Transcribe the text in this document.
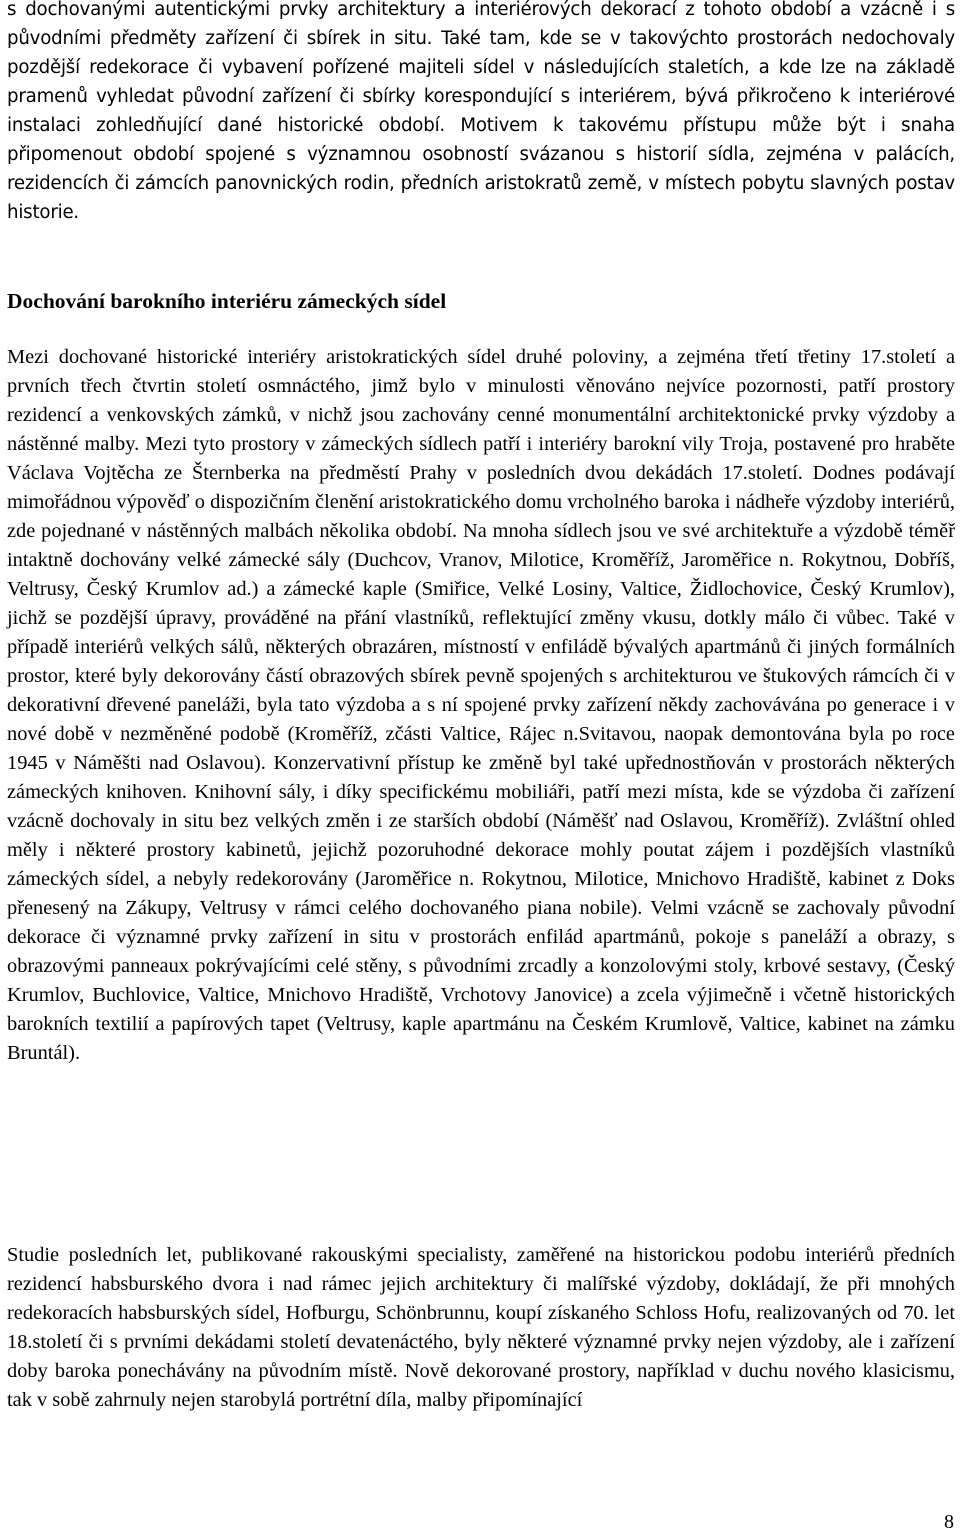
s dochovanými autentickými prvky architektury a interiérových dekorací z tohoto období a vzácně i s původními předměty zařízení či sbírek in situ. Také tam, kde se v takovýchto prostorách nedochovaly pozdější redekorace či vybavení pořízené majiteli sídel v následujících staletích, a kde lze na základě pramenů vyhledat původní zařízení či sbírky korespondující s interiérem, bývá přikročeno k interiérové instalaci zohledňující dané historické období. Motivem k takovému přístupu může být i snaha připomenout období spojené s významnou osobností svázanou s historií sídla, zejména v palácích, rezidencích či zámcích panovnických rodin, předních aristokratů země, v místech pobytu slavných postav historie.

Dochování barokního interiéru zámeckých sídel

Mezi dochované historické interiéry aristokratických sídel druhé poloviny, a zejména třetí třetiny 17.století a prvních třech čtvrtin století osmnáctého, jimž bylo v minulosti věnováno nejvíce pozornosti, patří prostory rezidencí a venkovských zámků, v nichž jsou zachovány cenné monumentální architektonické prvky výzdoby a nástěnné malby. Mezi tyto prostory v zámeckých sídlech patří i interiéry barokní vily Troja, postavené pro hraběte Václava Vojtěcha ze Šternberka na předměstí Prahy v posledních dvou dekádách 17.století. Dodnes podávají mimořádnou výpověď o dispozičním členění aristokratického domu vrcholného baroka i nádheře výzdoby interiérů, zde pojednané v nástěnných malbách několika období. Na mnoha sídlech jsou ve své architektuře a výzdobě téměř intaktně dochovány velké zámecké sály (Duchcov, Vranov, Milotice, Kroměříž, Jaroměřice n. Rokytnou, Dobříš, Veltrusy, Český Krumlov ad.) a zámecké kaple (Smiřice, Velké Losiny, Valtice, Židlochovice, Český Krumlov), jichž se pozdější úpravy, prováděné na přání vlastníků, reflektující změny vkusu, dotkly málo či vůbec. Také v případě interiérů velkých sálů, některých obrazáren, místností v enfiládě bývalých apartmánů či jiných formálních prostor, které byly dekorovány částí obrazových sbírek pevně spojených s architekturou ve štukových rámcích či v dekorativní dřevené paneláži, byla tato výzdoba a s ní spojené prvky zařízení někdy zachovávána po generace i v nové době v nezměněné podobě (Kroměříž, zčásti Valtice, Rájec n.Svitavou, naopak demontována byla po roce 1945 v Náměšti nad Oslavou). Konzervativní přístup ke změně byl také upřednostňován v prostorách některých zámeckých knihoven. Knihovní sály, i díky specifickému mobiliáři, patří mezi místa, kde se výzdoba či zařízení vzácně dochovaly in situ bez velkých změn i ze starších období (Náměšť nad Oslavou, Kroměříž). Zvláštní ohled měly i některé prostory kabinetů, jejichž pozoruhodné dekorace mohly poutat zájem i pozdějších vlastníků zámeckých sídel, a nebyly redekorovány (Jaroměřice n. Rokytnou, Milotice, Mnichovo Hradiště, kabinet z Doks přenesený na Zákupy, Veltrusy v rámci celého dochovaného piana nobile). Velmi vzácně se zachovaly původní dekorace či významné prvky zařízení in situ v prostorách enfilád apartmánů, pokoje s paneláží a obrazy, s obrazovými panneaux pokrývajícími celé stěny, s původními zrcadly a konzolovými stoly, krbové sestavy, (Český Krumlov, Buchlovice, Valtice, Mnichovo Hradiště, Vrchotovy Janovice) a zcela výjimečně i včetně historických barokních textilií a papírových tapet (Veltrusy, kaple apartmánu na Českém Krumlově, Valtice, kabinet na zámku Bruntál).

Studie posledních let, publikované rakouskými specialisty, zaměřené na historickou podobu interiérů předních rezidencí habsburského dvora i nad rámec jejich architektury či malířské výzdoby, dokládají, že při mnohých redekoracích habsburských sídel, Hofburgu, Schönbrunnu, koupí získaného Schloss Hofu, realizovaných od 70. let 18.století či s prvními dekádami století devatenáctého, byly některé významné prvky nejen výzdoby, ale i zařízení doby baroka ponechávány na původním místě. Nově dekorované prostory, například v duchu nového klasicismu, tak v sobě zahrnuly nejen starobylá portrétní díla, malby připomínající

8
